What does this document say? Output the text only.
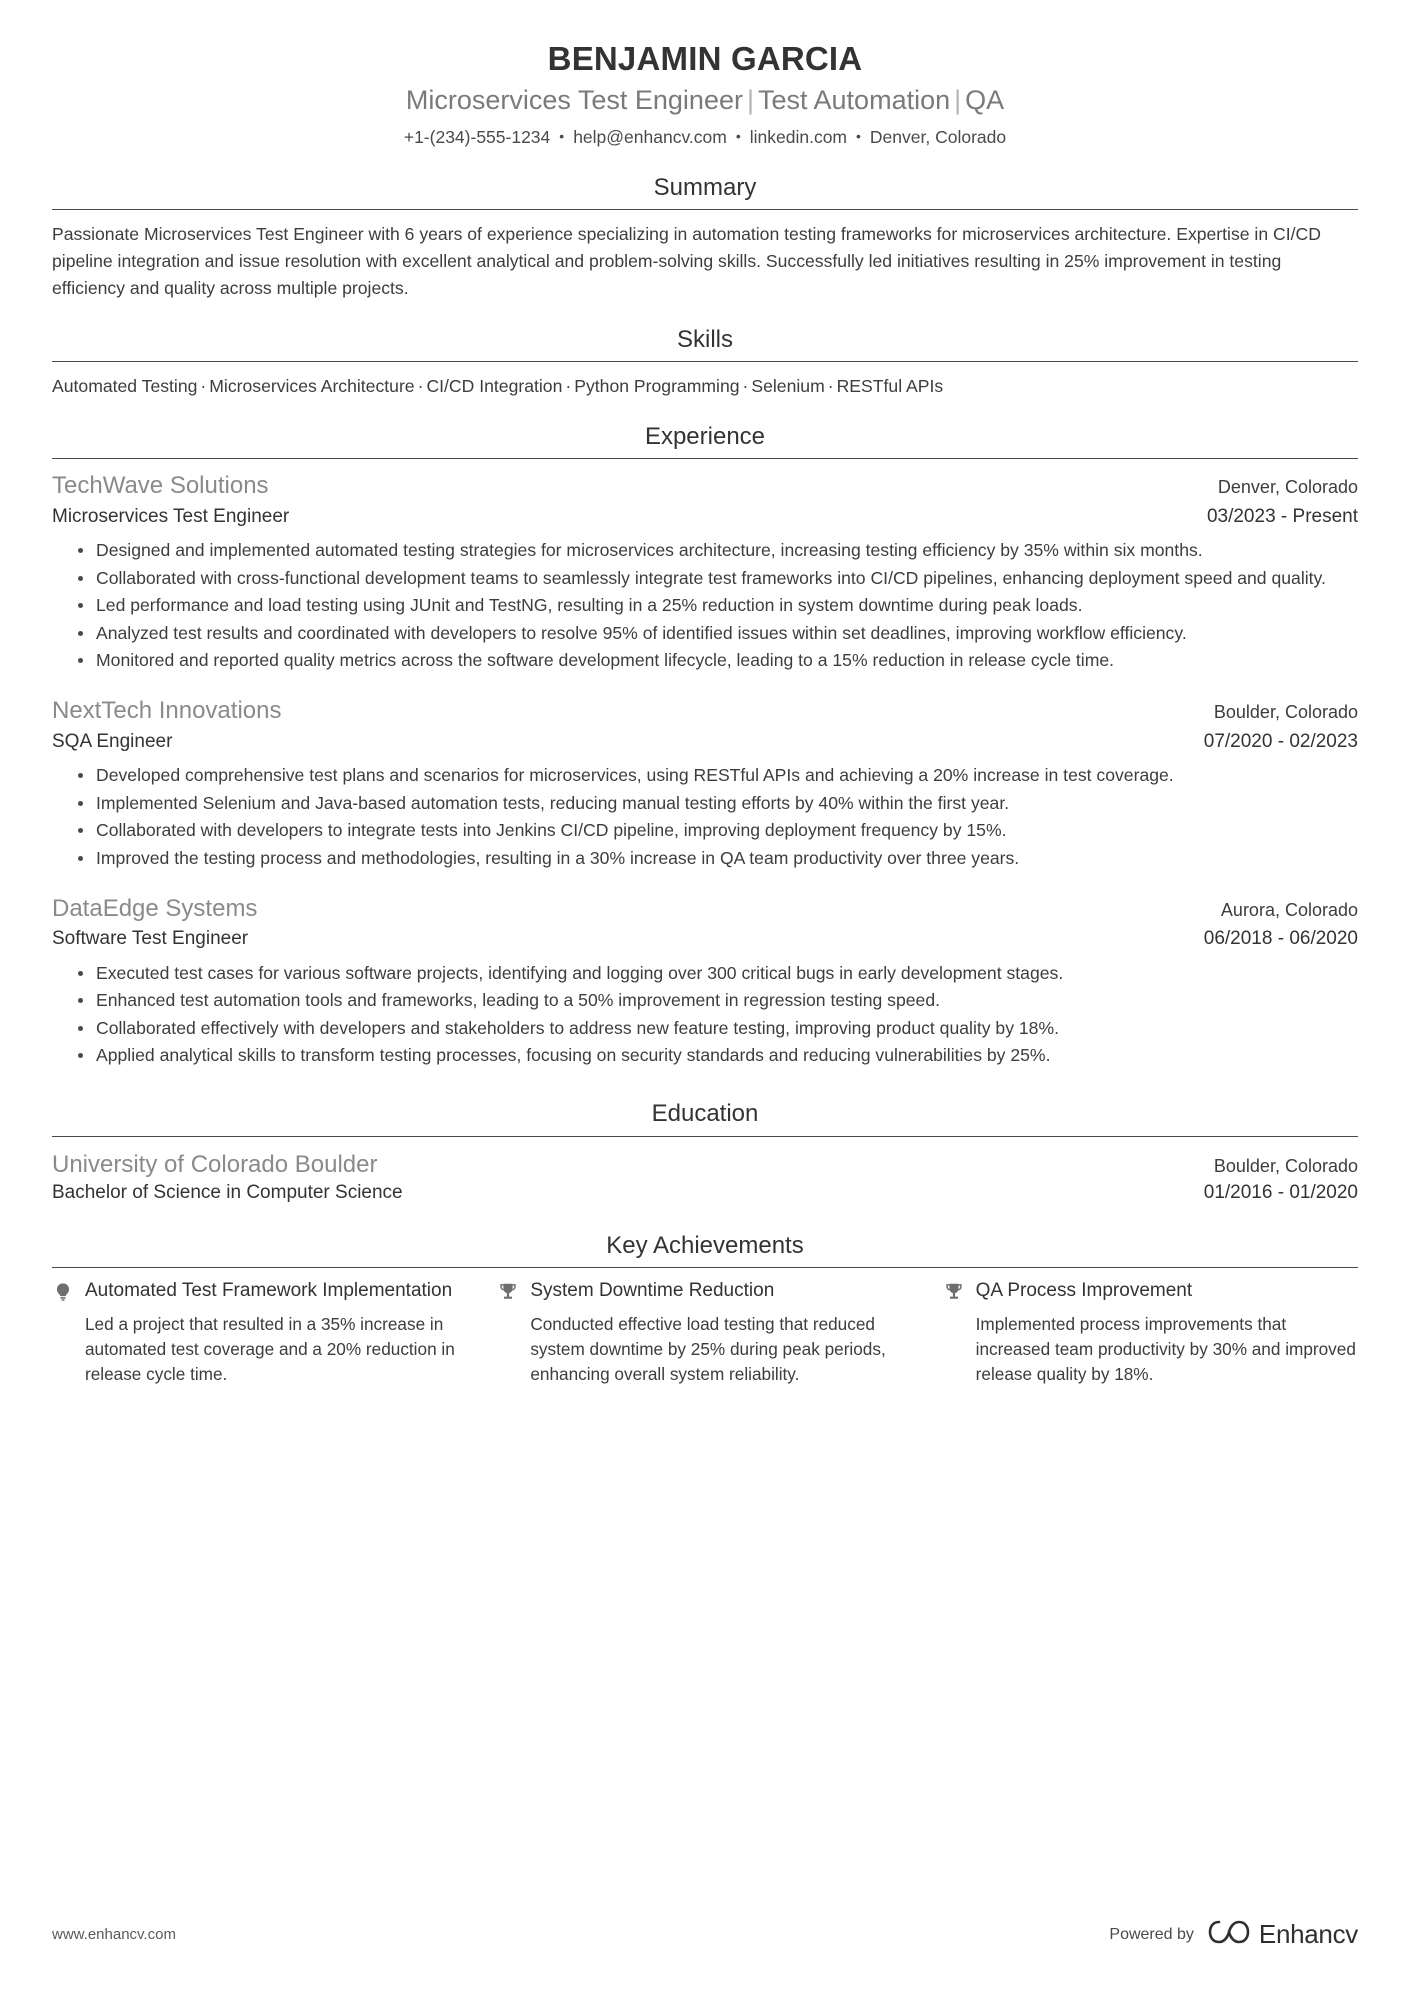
BENJAMIN GARCIA
Microservices Test Engineer | Test Automation | QA
+1-(234)-555-1234 • help@enhancv.com • linkedin.com • Denver, Colorado
Summary

Passionate Microservices Test Engineer with 6 years of experience specializing in automation testing frameworks for microservices architecture. Expertise in CI/CD pipeline integration and issue resolution with excellent analytical and problem-solving skills. Successfully led initiatives resulting in 25% improvement in testing efficiency and quality across multiple projects.

Skills
Automated Testing · Microservices Architecture · CI/CD Integration · Python Programming · Selenium · RESTful APIs
Experience
TechWave Solutions	Denver, Colorado
Microservices Test Engineer	03/2023 - Present
Designed and implemented automated testing strategies for microservices architecture, increasing testing efficiency by 35% within six months.
Collaborated with cross-functional development teams to seamlessly integrate test frameworks into CI/CD pipelines, enhancing deployment speed and quality.
Led performance and load testing using JUnit and TestNG, resulting in a 25% reduction in system downtime during peak loads.
Analyzed test results and coordinated with developers to resolve 95% of identified issues within set deadlines, improving workflow efficiency.
Monitored and reported quality metrics across the software development lifecycle, leading to a 15% reduction in release cycle time.
NextTech Innovations	Boulder, Colorado
SQA Engineer	07/2020 - 02/2023
Developed comprehensive test plans and scenarios for microservices, using RESTful APIs and achieving a 20% increase in test coverage.
Implemented Selenium and Java-based automation tests, reducing manual testing efforts by 40% within the first year.
Collaborated with developers to integrate tests into Jenkins CI/CD pipeline, improving deployment frequency by 15%.
Improved the testing process and methodologies, resulting in a 30% increase in QA team productivity over three years.
DataEdge Systems	Aurora, Colorado
Software Test Engineer	06/2018 - 06/2020
Executed test cases for various software projects, identifying and logging over 300 critical bugs in early development stages.
Enhanced test automation tools and frameworks, leading to a 50% improvement in regression testing speed.
Collaborated effectively with developers and stakeholders to address new feature testing, improving product quality by 18%.
Applied analytical skills to transform testing processes, focusing on security standards and reducing vulnerabilities by 25%.
Education
University of Colorado Boulder	Boulder, Colorado
Bachelor of Science in Computer Science	01/2016 - 01/2020
Key Achievements
Automated Test Framework Implementation
Led a project that resulted in a 35% increase in automated test coverage and a 20% reduction in release cycle time.
System Downtime Reduction
Conducted effective load testing that reduced system downtime by 25% during peak periods, enhancing overall system reliability.
QA Process Improvement
Implemented process improvements that increased team productivity by 30% and improved release quality by 18%.
www.enhancv.com	Powered by	Enhancv
